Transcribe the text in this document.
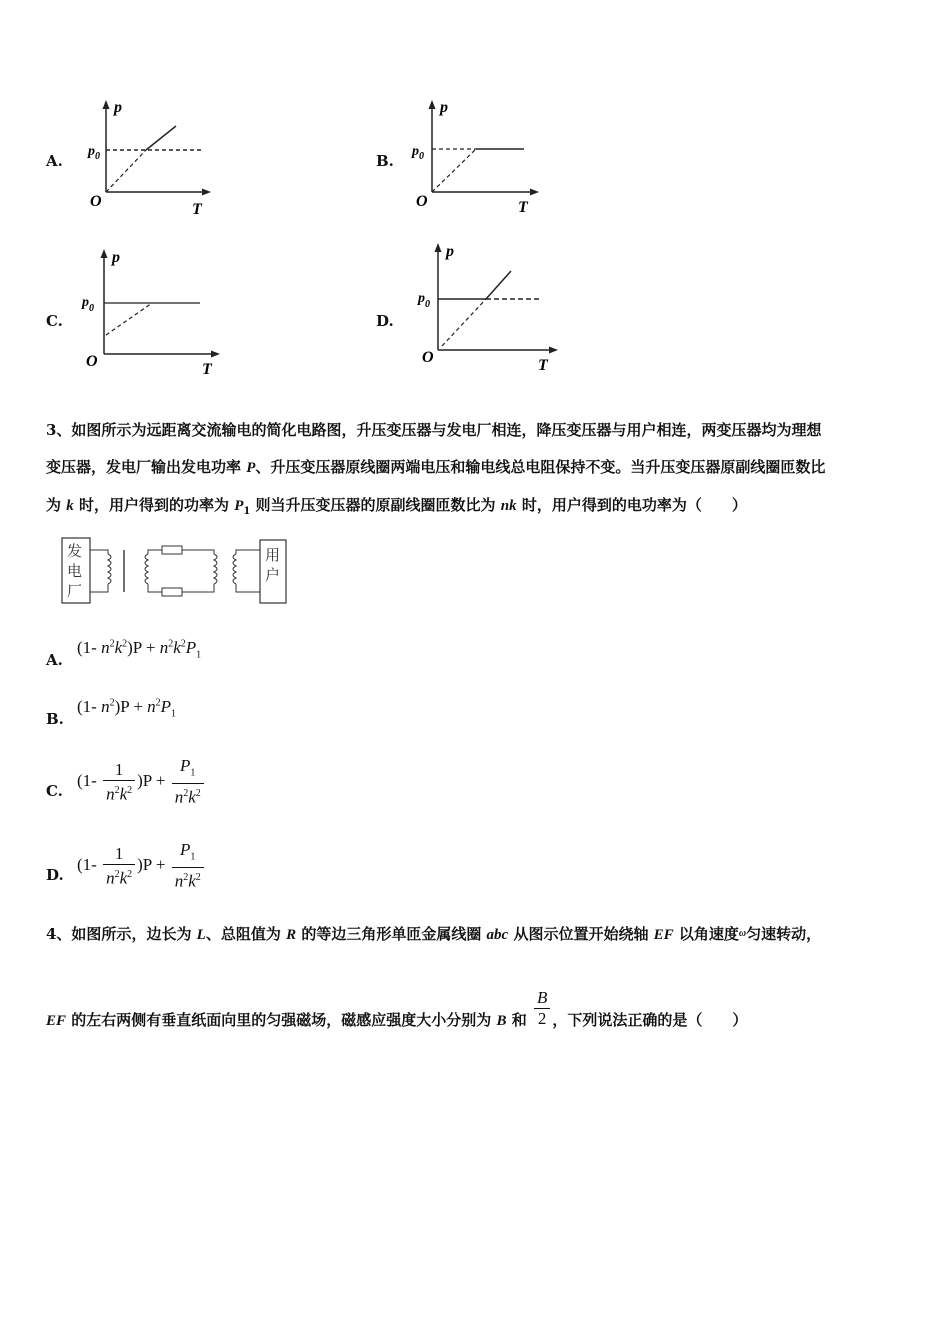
A.
p
O	T
$p_0$	B.
p
O	T
$p_0$
C.
p
O	T
$p_0$
D.
p
O	T
$p_0$
3、如图所示为远距离交流输电的简化电路图，升压变压器与发电厂相连，降压变压器与用户相连，两变压器均为理想
变压器，发电厂输出发电功率 P、升压变压器原线圈两端电压和输电线总电阻保持不变。当升压变压器原副线圈匝数比
为 k 时，用户得到的功率为 $P_1$ 则当升压变压器的原副线圈匝数比为 nk 时，用户得到的电功率为（　　）
发
电
厂
用
户
A.
(1- $n^2k^2)P + n^2k^2P_1$
B.
(1- $n^2)P + n^2P_1$
C.
$(1- \frac{1}{n^2k^2} )P + \frac{P_1}{n^2k^2}$
D.
$(1- \frac{1}{n^2k^2} )P + \frac{P_1}{n^2k^2}$
4、如图所示，边长为 L、总阻值为 R 的等边三角形单匝金属线圈 abc 从图示位置开始绕轴 EF 以角速度$^\omega$匀速转动，
EF 的左右两侧有垂直纸面向里的匀强磁场，磁感应强度大小分别为 B 和 $\frac{B}{2}$ ，下列说法正确的是（　　）
